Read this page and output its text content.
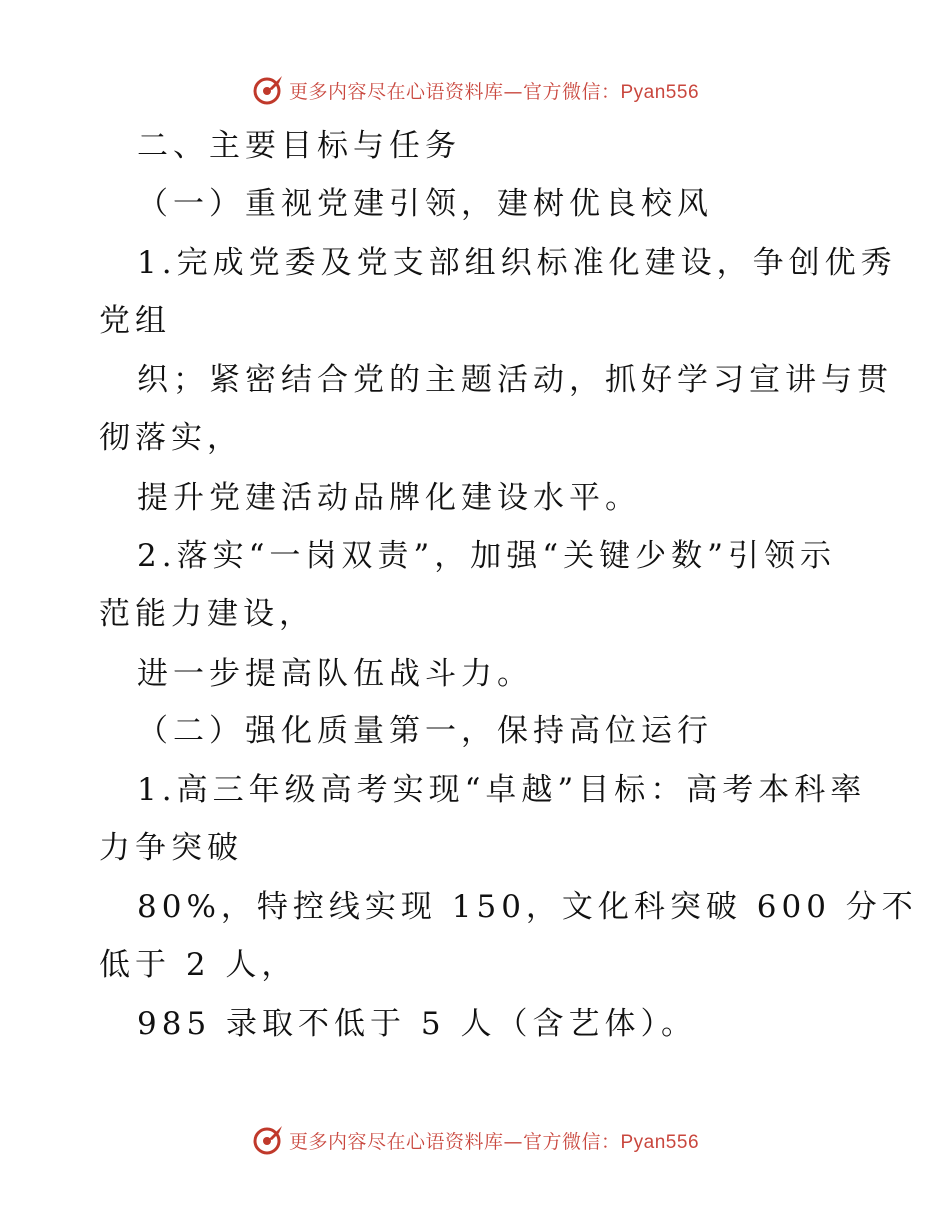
更多内容尽在心语资料库—官方微信：Pyan556
二、主要目标与任务
（一）重视党建引领，建树优良校风
1.完成党委及党支部组织标准化建设，争创优秀
党组
织；紧密结合党的主题活动，抓好学习宣讲与贯
彻落实，
提升党建活动品牌化建设水平。
2.落实“一岗双责”，加强“关键少数”引领示
范能力建设，
进一步提高队伍战斗力。
（二）强化质量第一，保持高位运行
1.高三年级高考实现“卓越”目标：高考本科率
力争突破
80%，特控线实现 150，文化科突破 600 分不
低于 2 人，
985 录取不低于 5 人（含艺体）。
更多内容尽在心语资料库—官方微信：Pyan556
